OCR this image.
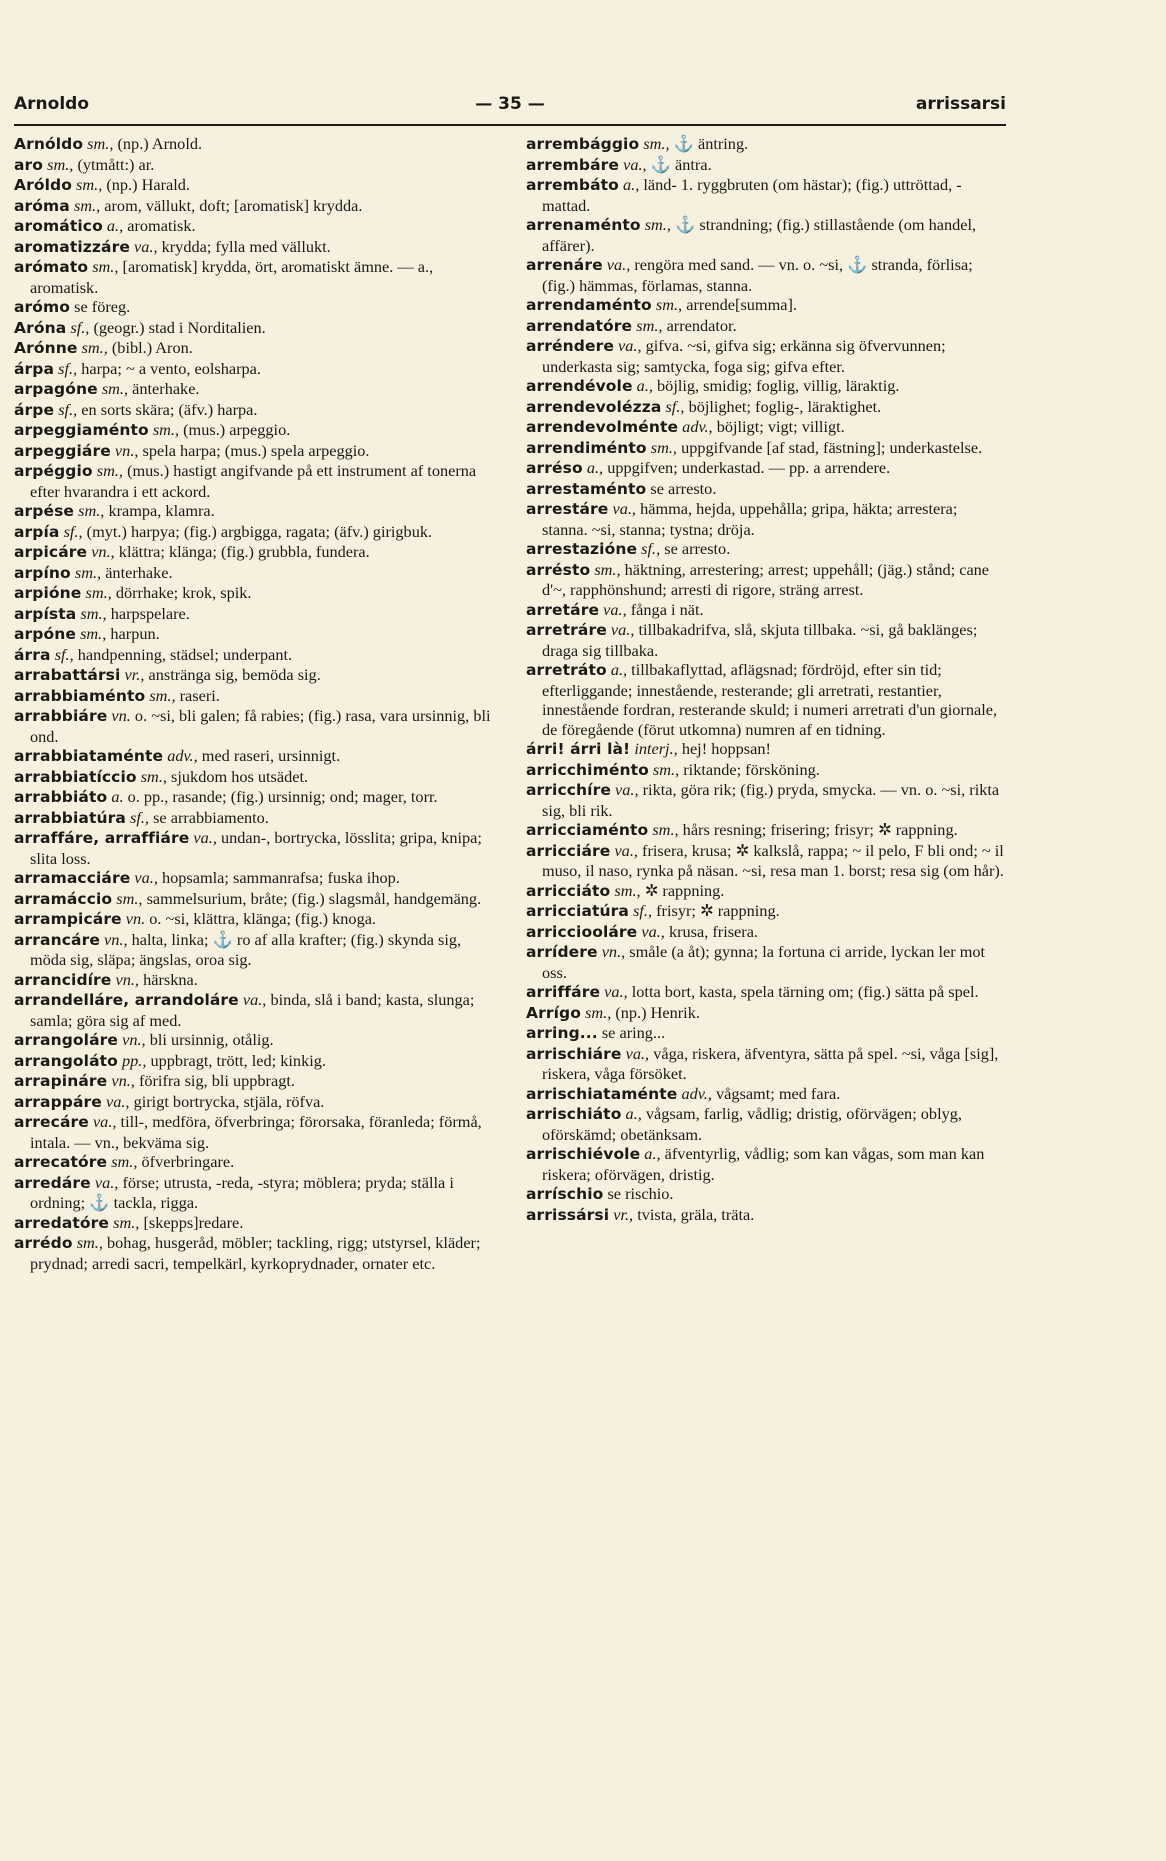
Arnoldo	— 35 —	arrissarsi

Arnóldo sm., (np.) Arnold.

aro sm., (ytmått:) ar.

Aróldo sm., (np.) Harald.

aróma sm., arom, vällukt, doft; [aromatisk] krydda.

aromático a., aromatisk.

aromatizzáre va., krydda; fylla med vällukt.

arómato sm., [aromatisk] krydda, ört, aromatiskt ämne. — a., aromatisk.

arómo se föreg.

Aróna sf., (geogr.) stad i Norditalien.

Arónne sm., (bibl.) Aron.

árpa sf., harpa; ~ a vento, eolsharpa.

arpagóne sm., änterhake.

árpe sf., en sorts skära; (äfv.) harpa.

arpeggiaménto sm., (mus.) arpeggio.

arpeggiáre vn., spela harpa; (mus.) spela arpeggio.

arpéggio sm., (mus.) hastigt angifvande på ett instrument af tonerna efter hvarandra i ett ackord.

arpése sm., krampa, klamra.

arpía sf., (myt.) harpya; (fig.) argbigga, ragata; (äfv.) girigbuk.

arpicáre vn., klättra; klänga; (fig.) grubbla, fundera.

arpíno sm., änterhake.

arpióne sm., dörrhake; krok, spik.

arpísta sm., harpspelare.

arpóne sm., harpun.

árra sf., handpenning, städsel; underpant.

arrabattársi vr., anstränga sig, bemöda sig.

arrabbiaménto sm., raseri.

arrabbiáre vn. o. ~si, bli galen; få rabies; (fig.) rasa, vara ursinnig, bli ond.

arrabbiataménte adv., med raseri, ursinnigt.

arrabbiatíccio sm., sjukdom hos utsädet.

arrabbiáto a. o. pp., rasande; (fig.) ursinnig; ond; mager, torr.

arrabbiatúra sf., se arrabbiamento.

arraffáre, arraffiáre va., undan-, bortrycka, lösslita; gripa, knipa; slita loss.

arramacciáre va., hopsamla; sammanrafsa; fuska ihop.

arramáccio sm., sammelsurium, bråte; (fig.) slagsmål, handgemäng.

arrampicáre vn. o. ~si, klättra, klänga; (fig.) knoga.

arrancáre vn., halta, linka; ⚓ ro af alla krafter; (fig.) skynda sig, möda sig, släpa; ängslas, oroa sig.

arrancidíre vn., härskna.

arrandelláre, arrandoláre va., binda, slå i band; kasta, slunga; samla; göra sig af med.

arrangoláre vn., bli ursinnig, otålig.

arrangoláto pp., uppbragt, trött, led; kinkig.

arrapináre vn., förifra sig, bli uppbragt.

arrappáre va., girigt bortrycka, stjäla, röfva.

arrecáre va., till-, medföra, öfverbringa; förorsaka, föranleda; förmå, intala. — vn., bekväma sig.

arrecatóre sm., öfverbringare.

arredáre va., förse; utrusta, -reda, -styra; möblera; pryda; ställa i ordning; ⚓ tackla, rigga.

arredatóre sm., [skepps]redare.

arrédo sm., bohag, husgeråd, möbler; tackling, rigg; utstyrsel, kläder; prydnad; arredi sacri, tempelkärl, kyrkoprydnader, ornater etc.

arrembággio sm., ⚓ äntring.

arrembáre va., ⚓ äntra.

arrembáto a., länd- 1. ryggbruten (om hästar); (fig.) uttröttad, -mattad.

arrenaménto sm., ⚓ strandning; (fig.) stillastående (om handel, affärer).

arrenáre va., rengöra med sand. — vn. o. ~si, ⚓ stranda, förlisa; (fig.) hämmas, förlamas, stanna.

arrendaménto sm., arrende[summa].

arrendatóre sm., arrendator.

arréndere va., gifva. ~si, gifva sig; erkänna sig öfvervunnen; underkasta sig; samtycka, foga sig; gifva efter.

arrendévole a., böjlig, smidig; foglig, villig, läraktig.

arrendevolézza sf., böjlighet; foglig-, läraktighet.

arrendevolménte adv., böjligt; vigt; villigt.

arrendiménto sm., uppgifvande [af stad, fästning]; underkastelse.

arréso a., uppgifven; underkastad. — pp. a arrendere.

arrestaménto se arresto.

arrestáre va., hämma, hejda, uppehålla; gripa, häkta; arrestera; stanna. ~si, stanna; tystna; dröja.

arrestazióne sf., se arresto.

arrésto sm., häktning, arrestering; arrest; uppehåll; (jäg.) stånd; cane d'~, rapphönshund; arresti di rigore, sträng arrest.

arretáre va., fånga i nät.

arretráre va., tillbakadrifva, slå, skjuta tillbaka. ~si, gå baklänges; draga sig tillbaka.

arretráto a., tillbakaflyttad, aflägsnad; fördröjd, efter sin tid; efterliggande; innestående, resterande; gli arretrati, restantier, innestående fordran, resterande skuld; i numeri arretrati d'un giornale, de föregående (förut utkomna) numren af en tidning.

árri! árri là! interj., hej! hoppsan!

arricchiménto sm., riktande; försköning.

arricchíre va., rikta, göra rik; (fig.) pryda, smycka. — vn. o. ~si, rikta sig, bli rik.

arricciaménto sm., hårs resning; frisering; frisyr; ✲ rappning.

arricciáre va., frisera, krusa; ✲ kalkslå, rappa; ~ il pelo, F bli ond; ~ il muso, il naso, rynka på näsan. ~si, resa man 1. borst; resa sig (om hår).

arricciáto sm., ✲ rappning.

arricciatúra sf., frisyr; ✲ rappning.

arricciooláre va., krusa, frisera.

arrídere vn., småle (a åt); gynna; la fortuna ci arride, lyckan ler mot oss.

arriffáre va., lotta bort, kasta, spela tärning om; (fig.) sätta på spel.

Arrígo sm., (np.) Henrik.

arring... se aring...

arrischiáre va., våga, riskera, äfventyra, sätta på spel. ~si, våga [sig], riskera, våga försöket.

arrischiataménte adv., vågsamt; med fara.

arrischiáto a., vågsam, farlig, vådlig; dristig, oförvägen; oblyg, oförskämd; obetänksam.

arrischiévole a., äfventyrlig, vådlig; som kan vågas, som man kan riskera; oförvägen, dristig.

arríschio se rischio.

arrissársi vr., tvista, gräla, träta.
